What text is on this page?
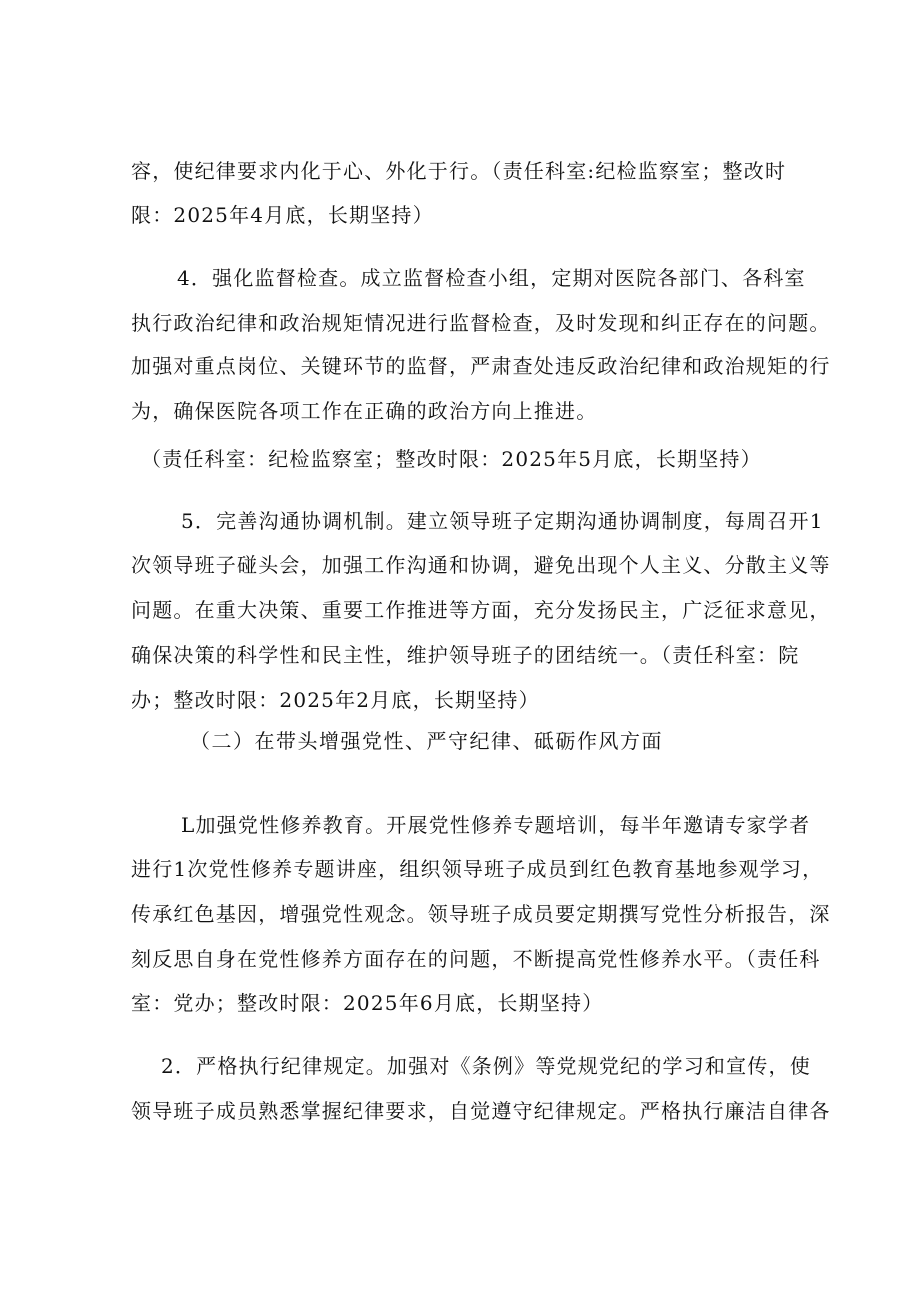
容，使纪律要求内化于心、外化于行。（责任科室:纪检监察室；整改时
限：2025年4月底，长期坚持）
4．强化监督检查。成立监督检查小组，定期对医院各部门、各科室
执行政治纪律和政治规矩情况进行监督检查，及时发现和纠正存在的问题。
加强对重点岗位、关键环节的监督，严肃查处违反政治纪律和政治规矩的行
为，确保医院各项工作在正确的政治方向上推进。
（责任科室：纪检监察室；整改时限：2025年5月底，长期坚持）
5．完善沟通协调机制。建立领导班子定期沟通协调制度，每周召开1
次领导班子碰头会，加强工作沟通和协调，避免出现个人主义、分散主义等
问题。在重大决策、重要工作推进等方面，充分发扬民主，广泛征求意见，
确保决策的科学性和民主性，维护领导班子的团结统一。（责任科室：院
办；整改时限：2025年2月底，长期坚持）
（二）在带头增强党性、严守纪律、砥砺作风方面
L加强党性修养教育。开展党性修养专题培训，每半年邀请专家学者
进行1次党性修养专题讲座，组织领导班子成员到红色教育基地参观学习，
传承红色基因，增强党性观念。领导班子成员要定期撰写党性分析报告，深
刻反思自身在党性修养方面存在的问题，不断提高党性修养水平。（责任科
室：党办；整改时限：2025年6月底，长期坚持）
2．严格执行纪律规定。加强对《条例》等党规党纪的学习和宣传，使
领导班子成员熟悉掌握纪律要求，自觉遵守纪律规定。严格执行廉洁自律各
